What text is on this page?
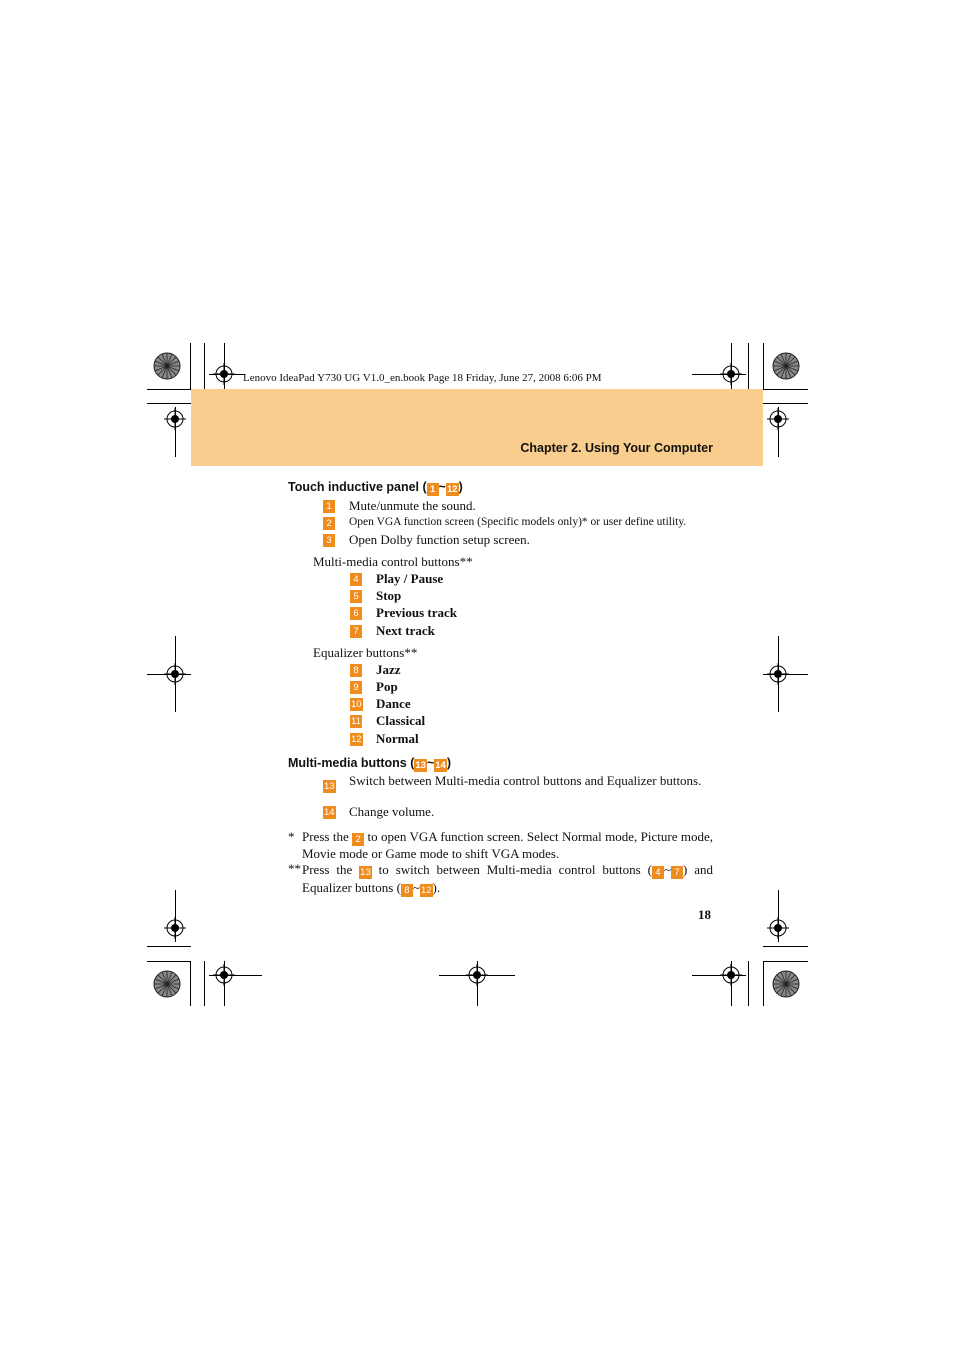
Lenovo IdeaPad Y730 UG V1.0_en.book Page 18 Friday, June 27, 2008 6:06 PM
Chapter 2. Using Your Computer
Touch inductive panel ( 1 ~12)
1 Mute/unmute the sound.
2 Open VGA function screen (Specific models only)* or user define utility.
3 Open Dolby function setup screen.
Multi-media control buttons**
4 Play / Pause
5 Stop
6 Previous track
7 Next track
Equalizer buttons**
8 Jazz
9 Pop
10 Dance
11 Classical
12 Normal
Multi-media buttons (13~14)
13 Switch between Multi-media control buttons and Equalizer buttons.
14 Change volume.
* Press the 2 to open VGA function screen. Select Normal mode, Picture mode, Movie mode or Game mode to shift VGA modes.
** Press the 13 to switch between Multi-media control buttons ( 4 ~ 7 ) and Equalizer buttons ( 8 ~12).
18
